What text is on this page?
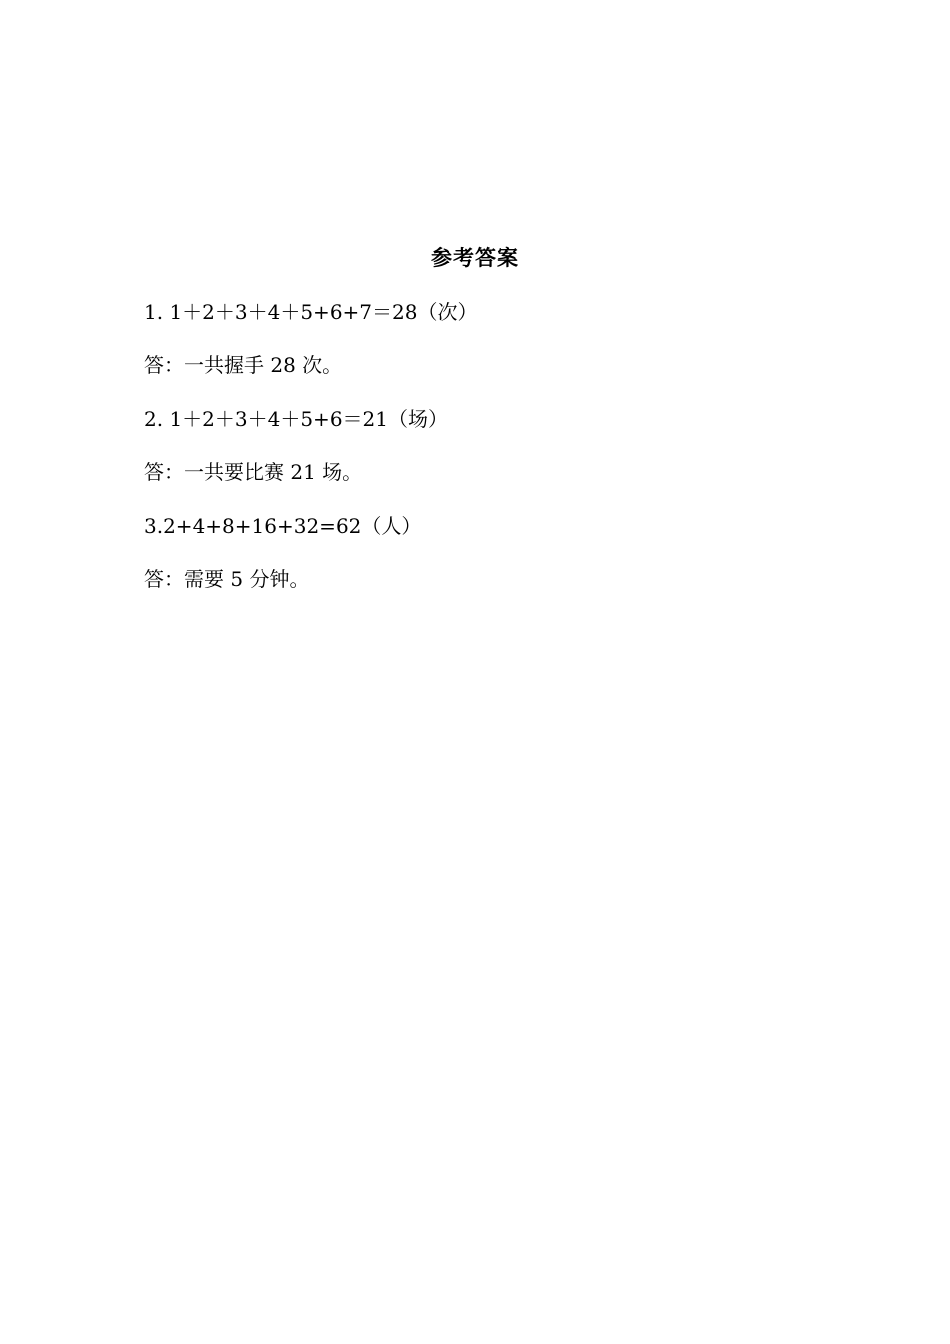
参考答案
1. 1＋2＋3＋4＋5+6+7＝28（次）
答：一共握手 28 次。
2. 1＋2＋3＋4＋5+6＝21（场）
答：一共要比赛 21 场。
3.2+4+8+16+32=62（人）
答：需要 5 分钟。
